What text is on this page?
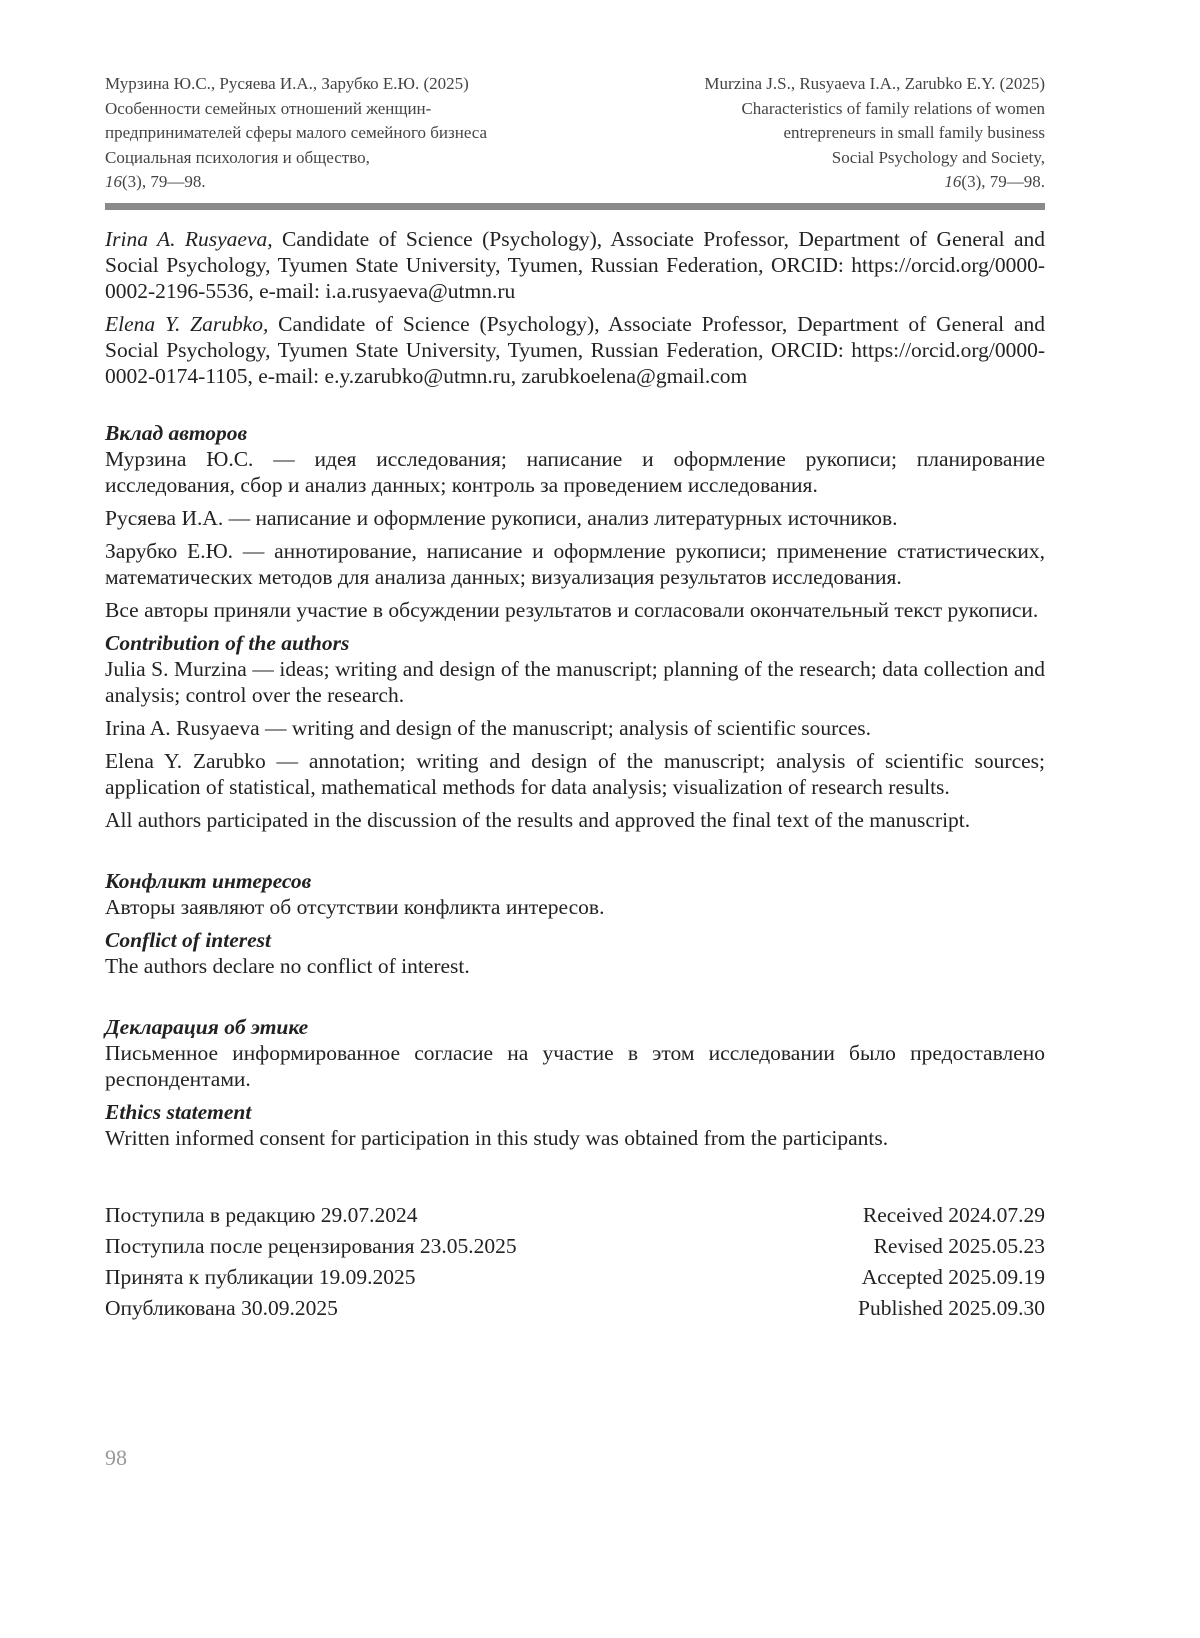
Мурзина Ю.С., Русяева И.А., Зарубко Е.Ю. (2025)
Особенности семейных отношений женщин-
предпринимателей сферы малого семейного бизнеса
Социальная психология и общество,
16(3), 79—98.
Murzina J.S., Rusyaeva I.A., Zarubko E.Y. (2025)
Characteristics of family relations of women
entrepreneurs in small family business
Social Psychology and Society,
16(3), 79—98.

Irina A. Rusyaeva, Candidate of Science (Psychology), Associate Professor, Department of General and Social Psychology, Tyumen State University, Tyumen, Russian Federation, ORCID: https://orcid.org/0000-0002-2196-5536, e-mail: i.a.rusyaeva@utmn.ru

Elena Y. Zarubko, Candidate of Science (Psychology), Associate Professor, Department of General and Social Psychology, Tyumen State University, Tyumen, Russian Federation, ORCID: https://orcid.org/0000-0002-0174-1105, e-mail: e.y.zarubko@utmn.ru, zarubkoelena@gmail.com

Вклад авторов

Мурзина Ю.С. — идея исследования; написание и оформление рукописи; планирование исследования, сбор и анализ данных; контроль за проведением исследования.

Русяева И.А. — написание и оформление рукописи, анализ литературных источников.

Зарубко Е.Ю. — аннотирование, написание и оформление рукописи; применение статистических, математических методов для анализа данных; визуализация результатов исследования.

Все авторы приняли участие в обсуждении результатов и согласовали окончательный текст рукописи.

Contribution of the authors

Julia S. Murzina — ideas; writing and design of the manuscript; planning of the research; data collection and analysis; control over the research.

Irina A. Rusyaeva — writing and design of the manuscript; analysis of scientific sources.

Elena Y. Zarubko — annotation; writing and design of the manuscript; analysis of scientific sources; application of statistical, mathematical methods for data analysis; visualization of research results.

All authors participated in the discussion of the results and approved the final text of the manuscript.

Конфликт интересов

Авторы заявляют об отсутствии конфликта интересов.

Conflict of interest

The authors declare no conflict of interest.

Декларация об этике

Письменное информированное согласие на участие в этом исследовании было предоставлено респондентами.

Ethics statement

Written informed consent for participation in this study was obtained from the participants.

Поступила в редакцию 29.07.2024	Received 2024.07.29
Поступила после рецензирования 23.05.2025	Revised 2025.05.23
Принята к публикации 19.09.2025	Accepted 2025.09.19
Опубликована 30.09.2025	Published 2025.09.30
98
